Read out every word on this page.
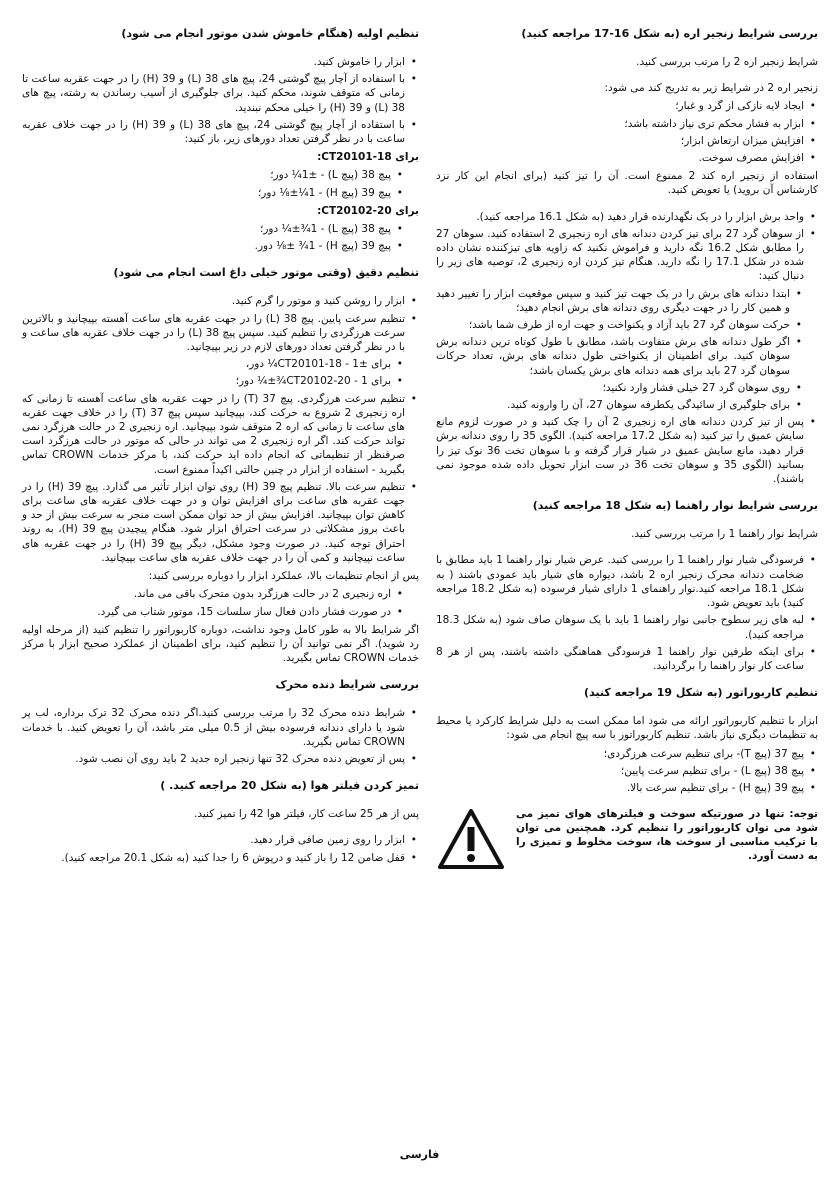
بررسی شرایط زنجیر اره (به شکل 16-17 مراجعه کنید)

شرایط زنجیر اره 2 را مرتب بررسی کنید.

زنجیر اره 2 در شرایط زیر به تدریج کند می شود:

• ایجاد لایه نازکی از گرد و غبار؛
• ابزار به فشار محکم تری نیاز داشته باشد؛
• افزایش میزان ارتعاش ابزار؛
• افزایش مصرف سوخت.

استفاده از زنجیر اره کند 2 ممنوع است. آن را تیز کنید (برای انجام این کار نزد کارشناس آن بروید) یا تعویض کنید.

• واحد برش ابزار را در یک نگهدارنده قرار دهید (به شکل 16.1 مراجعه کنید).
• از سوهان گرد 27 برای تیز کردن دندانه های اره زنجیری 2 استفاده کنید. سوهان 27 را مطابق شکل 16.2 نگه دارید و فراموش نکنید که زاویه های تیزکننده نشان داده شده در شکل 17.1 را نگه دارید. هنگام تیز کردن اره زنجیری 2، توصیه های زیر را دنبال کنید:
• ابتدا دندانه های برش را در یک جهت تیز کنید و سپس موقعیت ابزار را تغییر دهید و همین کار را در جهت دیگری روی دندانه های برش انجام دهید؛
• حرکت سوهان گرد 27 باید آزاد و یکنواخت و جهت اره از طرف شما باشد؛
• اگر طول دندانه های برش متفاوت باشد، مطابق با طول کوتاه ترین دندانه برش سوهان کنید. برای اطمینان از یکنواختی طول دندانه های برش، تعداد حرکات سوهان گرد 27 باید برای همه دندانه های برش یکسان باشد؛
• روی سوهان گرد 27 خیلی فشار وارد نکنید؛
• برای جلوگیری از سائیدگی یکطرفه سوهان 27، آن را وارونه کنید.
• پس از تیز کردن دندانه های اره زنجیری 2 آن را چک کنید و در صورت لزوم مانع سایش عمیق را تیز کنید (به شکل 17.2 مراجعه کنید). الگوی 35 را روی دندانه برش قرار دهید، مانع سایش عمیق در شیار قرار گرفته و با سوهان تخت 36 نوک تیز را بسانید (الگوی 35 و سوهان تخت 36 در ست ابزار تحویل داده شده موجود نمی باشند).
بررسی شرایط نوار راهنما (به شکل 18 مراجعه کنید)

شرایط نوار راهنما 1 را مرتب بررسی کنید.

• فرسودگی شیار نوار راهنما 1 را بررسی کنید. عرض شیار نوار راهنما 1 باید مطابق با ضخامت دندانه محرک زنجیر اره 2 باشد، دیواره های شیار باید عمودی باشند ( به شکل 18.1 مراجعه کنید.نوار راهنمای 1 دارای شیار فرسوده (به شکل 18.2 مراجعه کنید) باید تعویض شود.
• لبه های زیر سطوح جانبی نوار راهنما 1 باید با یک سوهان صاف شود (به شکل 18.3 مراجعه کنید).
• برای اینکه طرفین نوار راهنما 1 فرسودگی هماهنگی داشته باشند، پس از هر 8 ساعت کار نوار راهنما را برگردانید.
تنظیم کاربوراتور (به شکل 19 مراجعه کنید)

ابزار با تنظیم کاربوراتور ارائه می شود اما ممکن است به دلیل شرایط کارکرد یا محیط به تنظیمات دیگری نیاز باشد. تنظیم کاربوراتور با سه پیچ انجام می شود:

• پیچ 37 (پیچ T)- برای تنظیم سرعت هرزگردی؛
• پیچ 38 (پیچ L) - برای تنظیم سرعت پایین؛
• پیچ 39 (پیچ H) - برای تنظیم سرعت بالا.
توجه: تنها در صورتیکه سوخت و فیلترهای هوای تمیز می شود می توان کاربوراتور را تنظیم کرد. همچنین می توان با ترکیب مناسبی از سوخت ها، سوخت مخلوط و تمیزی را به دست آورد.
تنظیم اولیه (هنگام خاموش شدن موتور انجام می شود)
• ابزار را خاموش کنید.
• با استفاده از آچار پیچ گوشتی 24، پیچ های 38 (L) و 39 (H) را در جهت عقربه ساعت تا زمانی که متوقف شوند، محکم کنید. برای جلوگیری از آسیب رساندن به رشته، پیچ های 38 (L) و 39 (H) را خیلی محکم نبندید.
• با استفاده از آچار پیچ گوشتی 24، پیچ های 38 (L) و 39 (H) را در جهت خلاف عقربه ساعت با در نظر گرفتن تعداد دورهای زیر، باز کنید:

برای CT20101-18:

• پیچ 38 (پیچ L) - 1±¼ دور؛
• پیچ 39 (پیچ H) - 1¼±⅛ دور؛

برای CT20102-20:

• پیچ 38 (پیچ L) - 1¾±¼ دور؛
• پیچ 39 (پیچ H) - 1¾ ±⅛ دور.
تنظیم دقیق (وقتی موتور خیلی داغ است انجام می شود)
• ابزار را روشن کنید و موتور را گرم کنید.
• تنظیم سرعت پایین. پیچ 38 (L) را در جهت عقربه های ساعت آهسته بپیچانید و بالاترین سرعت هرزگردی را تنظیم کنید. سپس پیچ 38 (L) را در جهت خلاف عقربه های ساعت و با در نظر گرفتن تعداد دورهای لازم در زیر بپیچانید.
• برای CT20101-18 - 1±¼ دور،
• برای CT20102-20 - 1¾±¼ دور؛
• تنظیم سرعت هرزگردی. پیچ 37 (T) را در جهت عقربه های ساعت آهسته تا زمانی که اره زنجیری 2 شروع به حرکت کند، بپیچانید سپس پیچ 37 (T) را در خلاف جهت عقربه های ساعت تا زمانی که اره 2 متوقف شود بپیچانید. اره زنجیری 2 در حالت هرزگرد نمی تواند حرکت کند. اگر اره زنجیری 2 می تواند در حالی که موتور در حالت هرزگرد است صرفنظر از تنظیماتی که انجام داده اید حرکت کند، با مرکز خدمات CROWN تماس بگیرید - استفاده از ابزار در چنین حالتی اکیداً ممنوع است.
• تنظیم سرعت بالا. تنظیم پیچ 39 (H) روی توان ابزار تأثیر می گذارد. پیچ 39 (H) را در جهت عقربه های ساعت برای افزایش توان و در جهت خلاف عقربه های ساعت برای کاهش توان بپیچانید. افزایش بیش از حد توان ممکن است منجر به سرعت بیش از حد و باعث بروز مشکلاتی در سرعت احتراق ابزار شود. هنگام پیچیدن پیچ 39 (H)، به روند احتراق توجه کنید. در صورت وجود مشکل، دیگر پیچ 39 (H) را در جهت عقربه های ساعت نپیچانید و کمی آن را در جهت خلاف عقربه های ساعت بپیچانید.

پس از انجام تنظیمات بالا، عملکرد ابزار را دوباره بررسی کنید:

• اره زنجیری 2 در حالت هرزگرد بدون متحرک باقی می ماند.
• در صورت فشار دادن فعال ساز سلسات 15، موتور شتاب می گیرد.

اگر شرایط بالا به طور کامل وجود نداشت، دوباره کاربوراتور را تنظیم کنید (از مرحله اولیه رد شوید). اگر نمی توانید آن را تنظیم کنید، برای اطمینان از عملکرد صحیح ابزار با مرکز خدمات CROWN تماس بگیرید.

بررسی شرایط دنده محرک
• شرایط دنده محرک 32 را مرتب بررسی کنید.اگر دنده محرک 32 ترک برداره، لب پر شود یا دارای دندانه فرسوده بیش از 0.5 میلی متر باشد، آن را تعویض کنید. با خدمات CROWN تماس بگیرید.
• پس از تعویض دنده محرک 32 تنها زنجیر اره جدید 2 باید روی آن نصب شود.
تمیز کردن فیلتر هوا (به شکل 20 مراجعه کنید. )

پس از هر 25 ساعت کار، فیلتر هوا 42 را تمیز کنید.

• ابزار را روی زمین صافی قرار دهید.
• قفل ضامن 12 را باز کنید و درپوش 6 را جدا کنید (به شکل 20.1 مراجعه کنید).
فارسی
